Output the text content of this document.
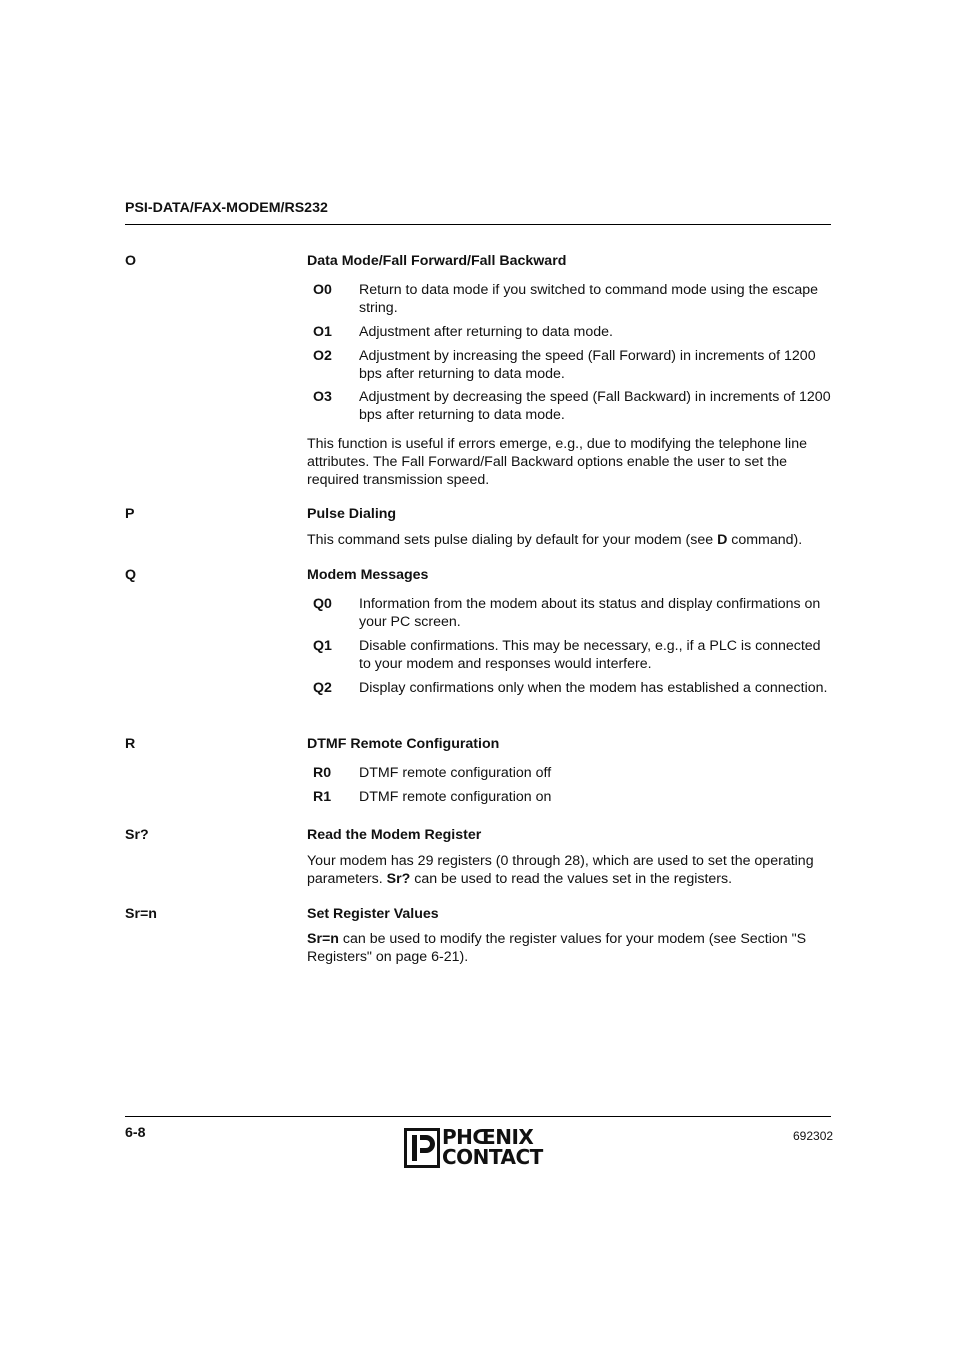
PSI-DATA/FAX-MODEM/RS232
O	Data Mode/Fall Forward/Fall Backward
O0 Return to data mode if you switched to command mode using the escape string.
O1 Adjustment after returning to data mode.
O2 Adjustment by increasing the speed (Fall Forward) in increments of 1200 bps after returning to data mode.
O3 Adjustment by decreasing the speed (Fall Backward) in increments of 1200 bps after returning to data mode.
This function is useful if errors emerge, e.g., due to modifying the telephone line attributes. The Fall Forward/Fall Backward options enable the user to set the required transmission speed.
P	Pulse Dialing
This command sets pulse dialing by default for your modem (see D command).
Q	Modem Messages
Q0 Information from the modem about its status and display confirmations on your PC screen.
Q1 Disable confirmations. This may be necessary, e.g., if a PLC is connected to your modem and responses would interfere.
Q2 Display confirmations only when the modem has established a connection.
R	DTMF Remote Configuration
R0 DTMF remote configuration off
R1 DTMF remote configuration on
Sr?	Read the Modem Register
Your modem has 29 registers (0 through 28), which are used to set the operating parameters. Sr? can be used to read the values set in the registers.
Sr=n	Set Register Values
Sr=n can be used to modify the register values for your modem (see Section "S Registers" on page 6-21).
6-8	692302
PHŒNIX
CONTACT
